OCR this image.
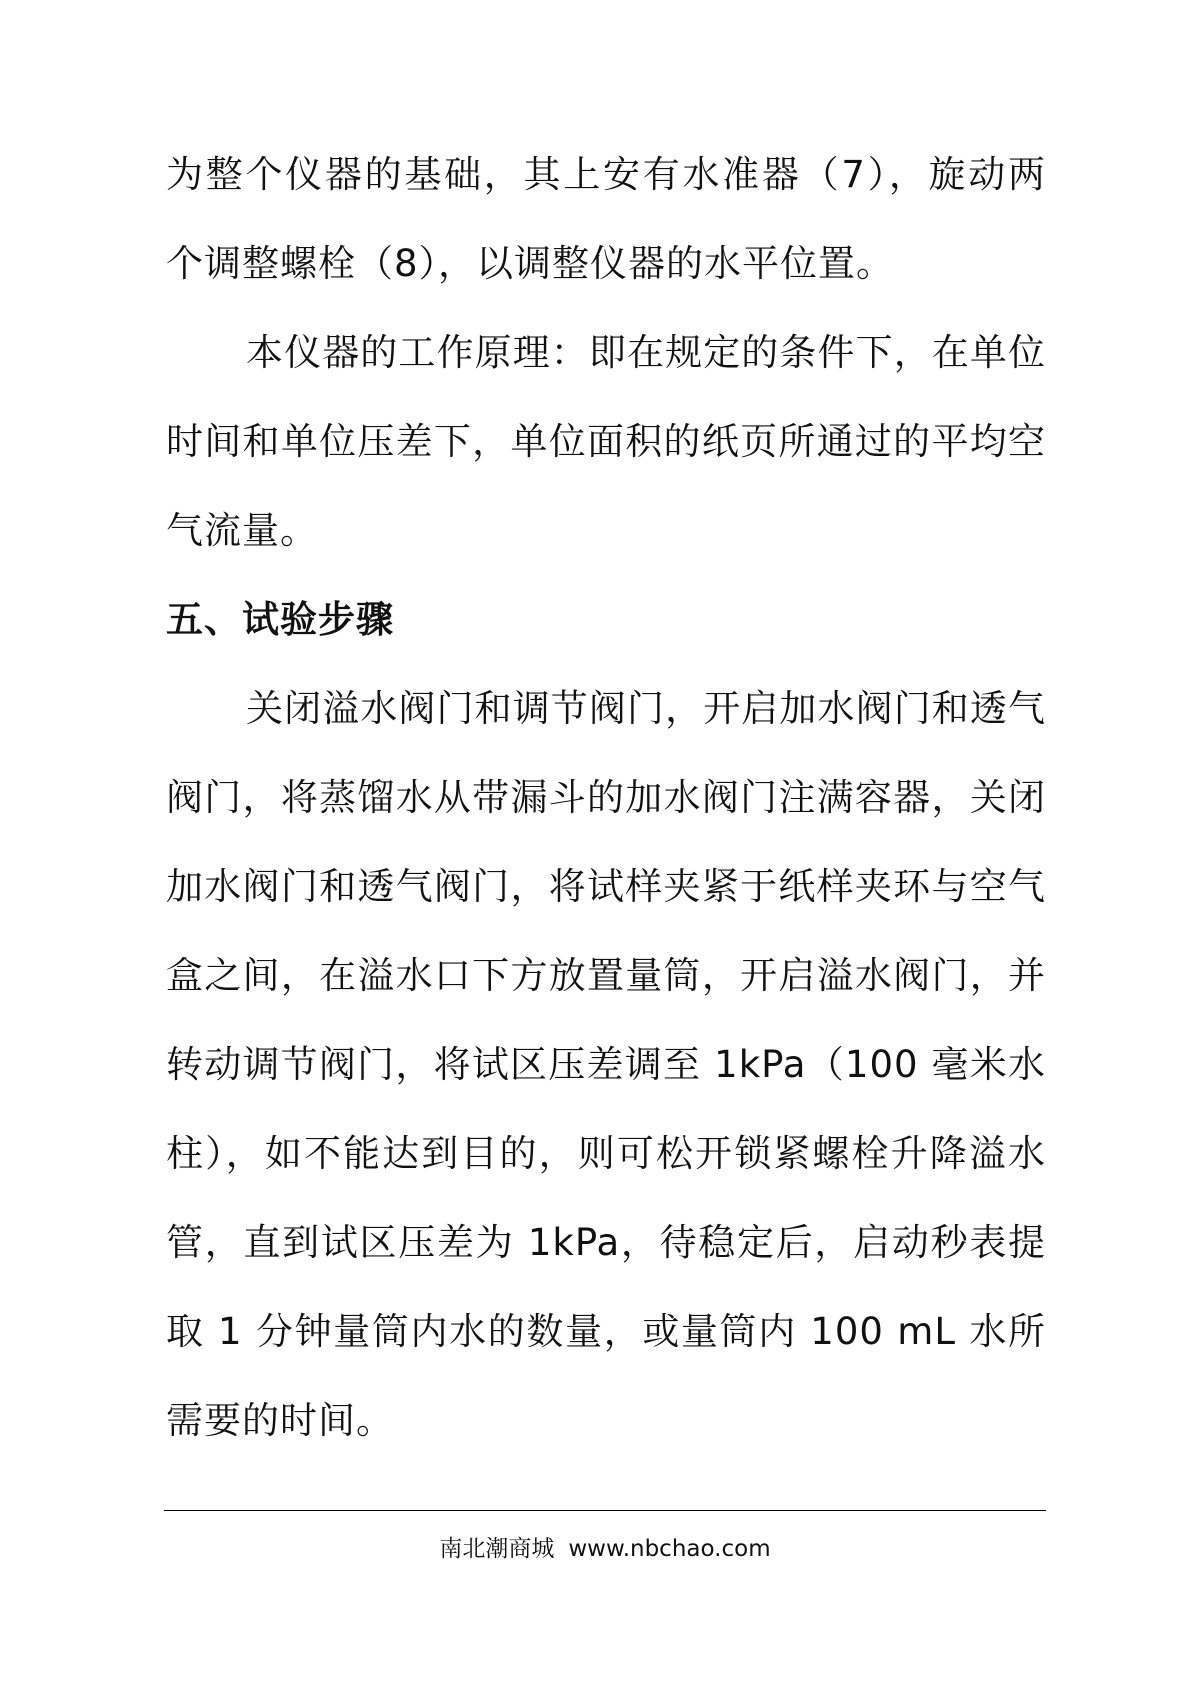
为整个仪器的基础，其上安有水准器（7），旋动两个调整螺栓（8），以调整仪器的水平位置。

本仪器的工作原理：即在规定的条件下，在单位时间和单位压差下，单位面积的纸页所通过的平均空气流量。

五、试验步骤

关闭溢水阀门和调节阀门，开启加水阀门和透气阀门，将蒸馏水从带漏斗的加水阀门注满容器，关闭加水阀门和透气阀门，将试样夹紧于纸样夹环与空气盒之间，在溢水口下方放置量筒，开启溢水阀门，并转动调节阀门，将试区压差调至 1kPa（100 毫米水柱），如不能达到目的，则可松开锁紧螺栓升降溢水管，直到试区压差为 1kPa，待稳定后，启动秒表提取 1 分钟量筒内水的数量，或量筒内 100 mL 水所需要的时间。

南北潮商城 www.nbchao.com
